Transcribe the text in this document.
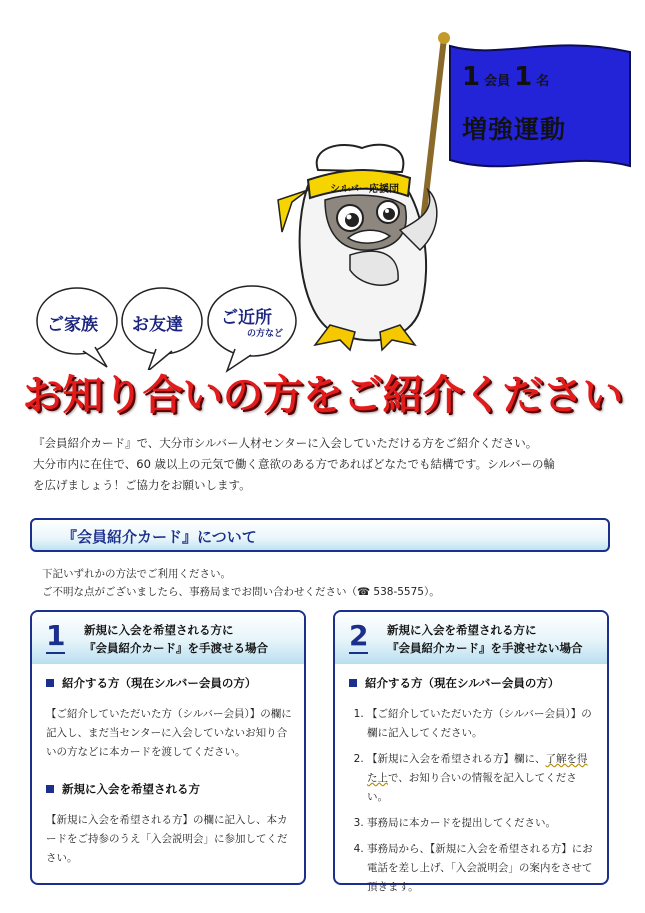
1 会員 1 名
増強運動
シルバー応援団
ご家族 お友達 ご近所
の方など
お知り合いの方をご紹介ください
『会員紹介カード』で、大分市シルバー人材センターに入会していただける方をご紹介ください。
大分市内に在住で、60 歳以上の元気で働く意欲のある方であればどなたでも結構です。シルバーの輪
を広げましょう！ご協力をお願いします。
『会員紹介カード』について
下記いずれかの方法でご利用ください。
ご不明な点がございましたら、事務局までお問い合わせください（☎ 538-5575）。
1 新規に入会を希望される方に
『会員紹介カード』を手渡せる場合
紹介する方（現在シルバー会員の方）
【ご紹介していただいた方（シルバー会員）】の欄に記入し、まだ当センターに入会していないお知り合いの方などに本カードを渡してください。
新規に入会を希望される方
【新規に入会を希望される方】の欄に記入し、本カードをご持参のうえ「入会説明会」に参加してください。
2 新規に入会を希望される方に
『会員紹介カード』を手渡せない場合
紹介する方（現在シルバー会員の方）
1. 【ご紹介していただいた方（シルバー会員）】の欄に記入してください。
2. 【新規に入会を希望される方】欄に、了解を得た上で、お知り合いの情報を記入してください。
3. 事務局に本カードを提出してください。
4. 事務局から、【新規に入会を希望される方】にお電話を差し上げ、「入会説明会」の案内をさせて頂きます。
